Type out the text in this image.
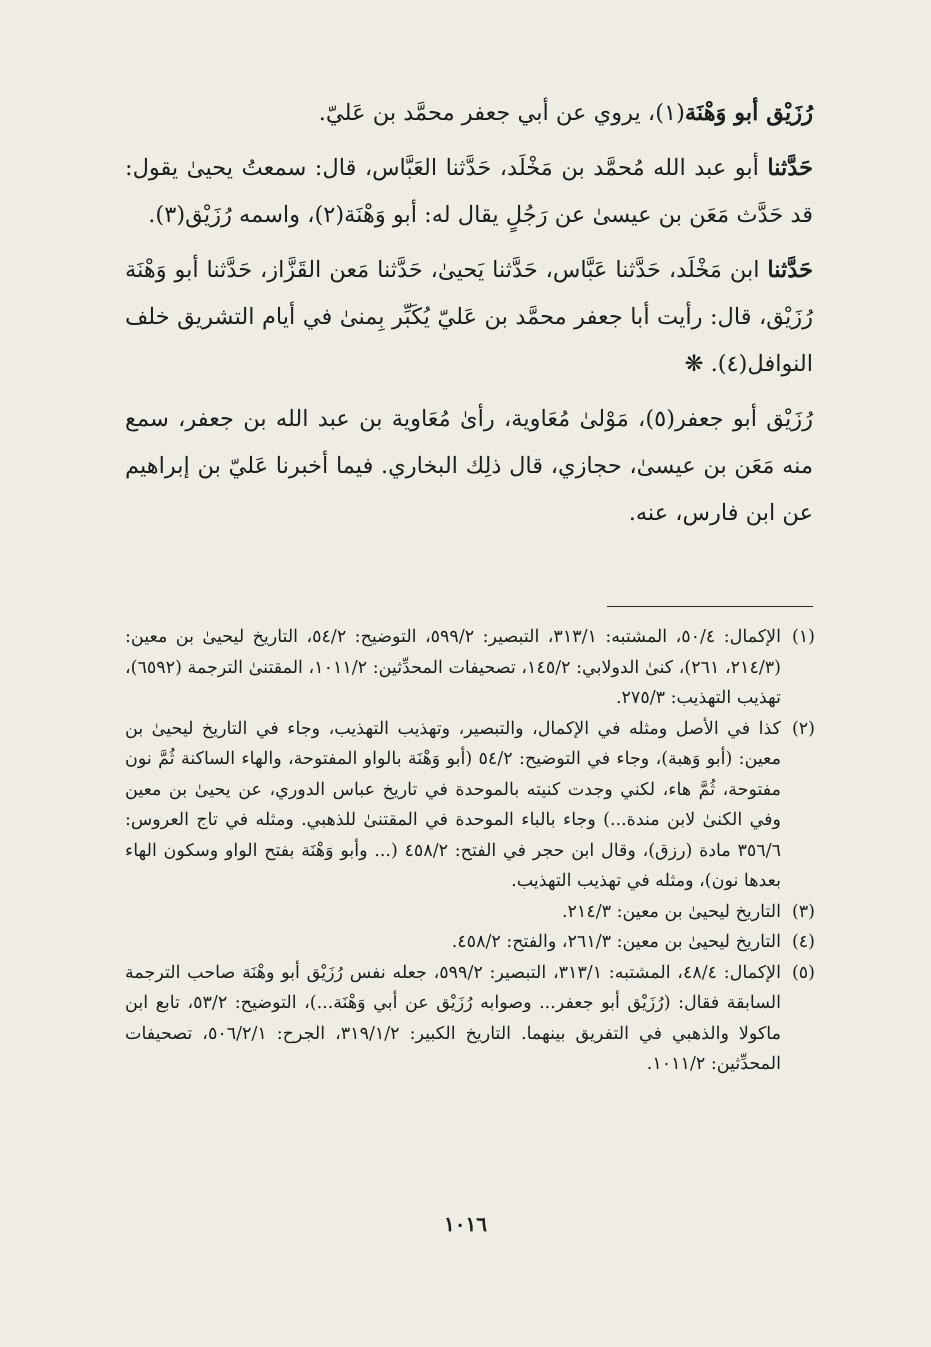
رُزَيْق أبو وَهْنَة(١)، يروي عن أبي جعفر محمَّد بن عَليّ.

حَدَّثنا أبو عبد الله مُحمَّد بن مَخْلَد، حَدَّثنا العَبَّاس، قال: سمعتُ يحيىٰ يقول: قد حَدَّث مَعَن بن عيسىٰ عن رَجُلٍ يقال له: أبو وَهْنَة(٢)، واسمه رُزَيْق(٣).

حَدَّثنا ابن مَخْلَد، حَدَّثنا عَبَّاس، حَدَّثنا يَحيىٰ، حَدَّثنا مَعن القَزَّاز، حَدَّثنا أبو وَهْنَة رُزَيْق، قال: رأيت أبا جعفر محمَّد بن عَليّ يُكَبِّر بِمنىٰ في أيام التشريق خلف النوافل(٤). ❋

رُزَيْق أبو جعفر(٥)، مَوْلىٰ مُعَاوية، رأىٰ مُعَاوية بن عبد الله بن جعفر، سمع منه مَعَن بن عيسىٰ، حجازي، قال ذلِك البخاري. فيما أخبرنا عَليّ بن إبراهيم عن ابن فارس، عنه.

(١)
الإكمال: ٥٠/٤، المشتبه: ٣١٣/١، التبصير: ٥٩٩/٢، التوضيح: ٥٤/٢، التاريخ ليحيىٰ بن معين: (٢١٤/٣، ٢٦١)، كنىٰ الدولابي: ١٤٥/٢، تصحيفات المحدِّثين: ١٠١١/٢، المقتنىٰ الترجمة (٦٥٩٢)، تهذيب التهذيب: ٢٧٥/٣.
(٢)
كذا في الأصل ومثله في الإكمال، والتبصير، وتهذيب التهذيب، وجاء في التاريخ ليحيىٰ بن معين: (أبو وَهبة)، وجاء في التوضيح: ٥٤/٢ (أبو وَهْنَة بالواو المفتوحة، والهاء الساكنة ثُمَّ نون مفتوحة، ثُمَّ هاء، لكني وجدت كنيته بالموحدة في تاريخ عباس الدوري، عن يحيىٰ بن معين وفي الكنىٰ لابن مندة...) وجاء بالباء الموحدة في المقتنىٰ للذهبي. ومثله في تاج العروس: ٣٥٦/٦ مادة (رزق)، وقال ابن حجر في الفتح: ٤٥٨/٢ (... وأبو وَهْنَة بفتح الواو وسكون الهاء بعدها نون)، ومثله في تهذيب التهذيب.
(٣)
التاريخ ليحيىٰ بن معين: ٢١٤/٣.
(٤)
التاريخ ليحيىٰ بن معين: ٢٦١/٣، والفتح: ٤٥٨/٢.
(٥)
الإكمال: ٤٨/٤، المشتبه: ٣١٣/١، التبصير: ٥٩٩/٢، جعله نفس رُزَيْق أبو وهْنَة صاحب الترجمة السابقة فقال: (رُزَيْق أبو جعفر... وصوابه رُزَيْق عن أبي وَهْنَة...)، التوضيح: ٥٣/٢، تابع ابن ماكولا والذهبي في التفريق بينهما. التاريخ الكبير: ٣١٩/١/٢، الجرح: ٥٠٦/٢/١، تصحيفات المحدِّثين: ١٠١١/٢.
١٠١٦
